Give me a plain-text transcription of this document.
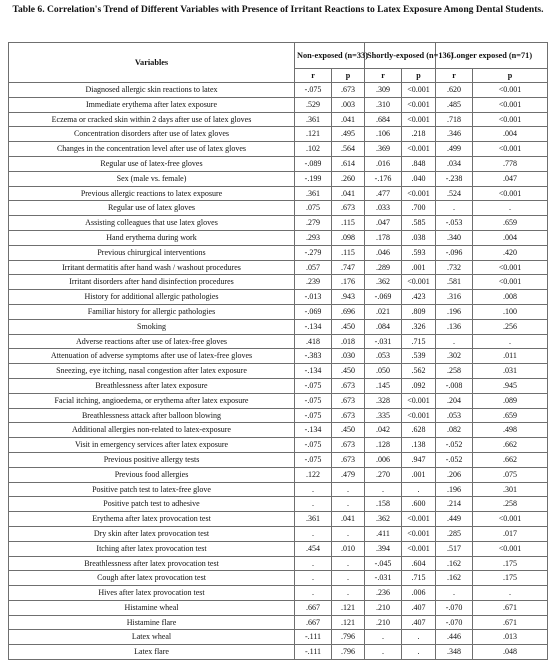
Table 6. Correlation's Trend of Different Variables with Presence of Irritant Reactions to Latex Exposure Among Dental Students.
Variables	Non-exposed (n=33)		Shortly-exposed (n=136)		Longer exposed (n=71)	
	r	p	r	p	r	p
Diagnosed allergic skin reactions to latex	-.075	.673	.309	<0.001	.620	<0.001
Immediate erythema after latex exposure	.529	.003	.310	<0.001	.485	<0.001
Eczema or cracked skin within 2 days after use of latex gloves	.361	.041	.684	<0.001	.718	<0.001
Concentration disorders after use of latex gloves	.121	.495	.106	.218	.346	.004
Changes in the concentration level after use of latex gloves	.102	.564	.369	<0.001	.499	<0.001
Regular use of latex-free gloves	-.089	.614	.016	.848	.034	.778
Sex (male vs. female)	-.199	.260	-.176	.040	-.238	.047
Previous allergic reactions to latex exposure	.361	.041	.477	<0.001	.524	<0.001
Regular use of latex gloves	.075	.673	.033	.700	.	.
Assisting colleagues that use latex gloves	.279	.115	.047	.585	-.053	.659
Hand erythema during work	.293	.098	.178	.038	.340	.004
Previous chirurgical interventions	-.279	.115	.046	.593	-.096	.420
Irritant dermatitis after hand wash / washout procedures	.057	.747	.289	.001	.732	<0.001
Irritant disorders after hand disinfection procedures	.239	.176	.362	<0.001	.581	<0.001
History for additional allergic pathologies	-.013	.943	-.069	.423	.316	.008
Familiar history for allergic pathologies	-.069	.696	.021	.809	.196	.100
Smoking	-.134	.450	.084	.326	.136	.256
Adverse reactions after use of latex-free gloves	.418	.018	-.031	.715	.	.
Attenuation of adverse symptoms after use of latex-free gloves	-.383	.030	.053	.539	.302	.011
Sneezing, eye itching, nasal congestion after latex exposure	-.134	.450	.050	.562	.258	.031
Breathlessness after latex exposure	-.075	.673	.145	.092	-.008	.945
Facial itching, angioedema, or erythema after latex exposure	-.075	.673	.328	<0.001	.204	.089
Breathlessness attack after balloon blowing	-.075	.673	.335	<0.001	.053	.659
Additional allergies non-related to latex-exposure	-.134	.450	.042	.628	.082	.498
Visit in emergency services after latex exposure	-.075	.673	.128	.138	-.052	.662
Previous positive allergy tests	-.075	.673	.006	.947	-.052	.662
Previous food allergies	.122	.479	.270	.001	.206	.075
Positive patch test to latex-free glove	.	.	.	.	.196	.301
Positive patch test to adhesive	.	.	.158	.600	.214	.258
Erythema after latex provocation test	.361	.041	.362	<0.001	.449	<0.001
Dry skin after latex provocation test	.	.	.411	<0.001	.285	.017
Itching after latex provocation test	.454	.010	.394	<0.001	.517	<0.001
Breathlessness after latex provocation test	.	.	-.045	.604	.162	.175
Cough after latex provocation test	.	.	-.031	.715	.162	.175
Hives after latex provocation test	.	.	.236	.006	.	.
Histamine wheal	.667	.121	.210	.407	-.070	.671
Histamine flare	.667	.121	.210	.407	-.070	.671
Latex wheal	-.111	.796	.	.	.446	.013
Latex flare	-.111	.796	.	.	.348	.048
